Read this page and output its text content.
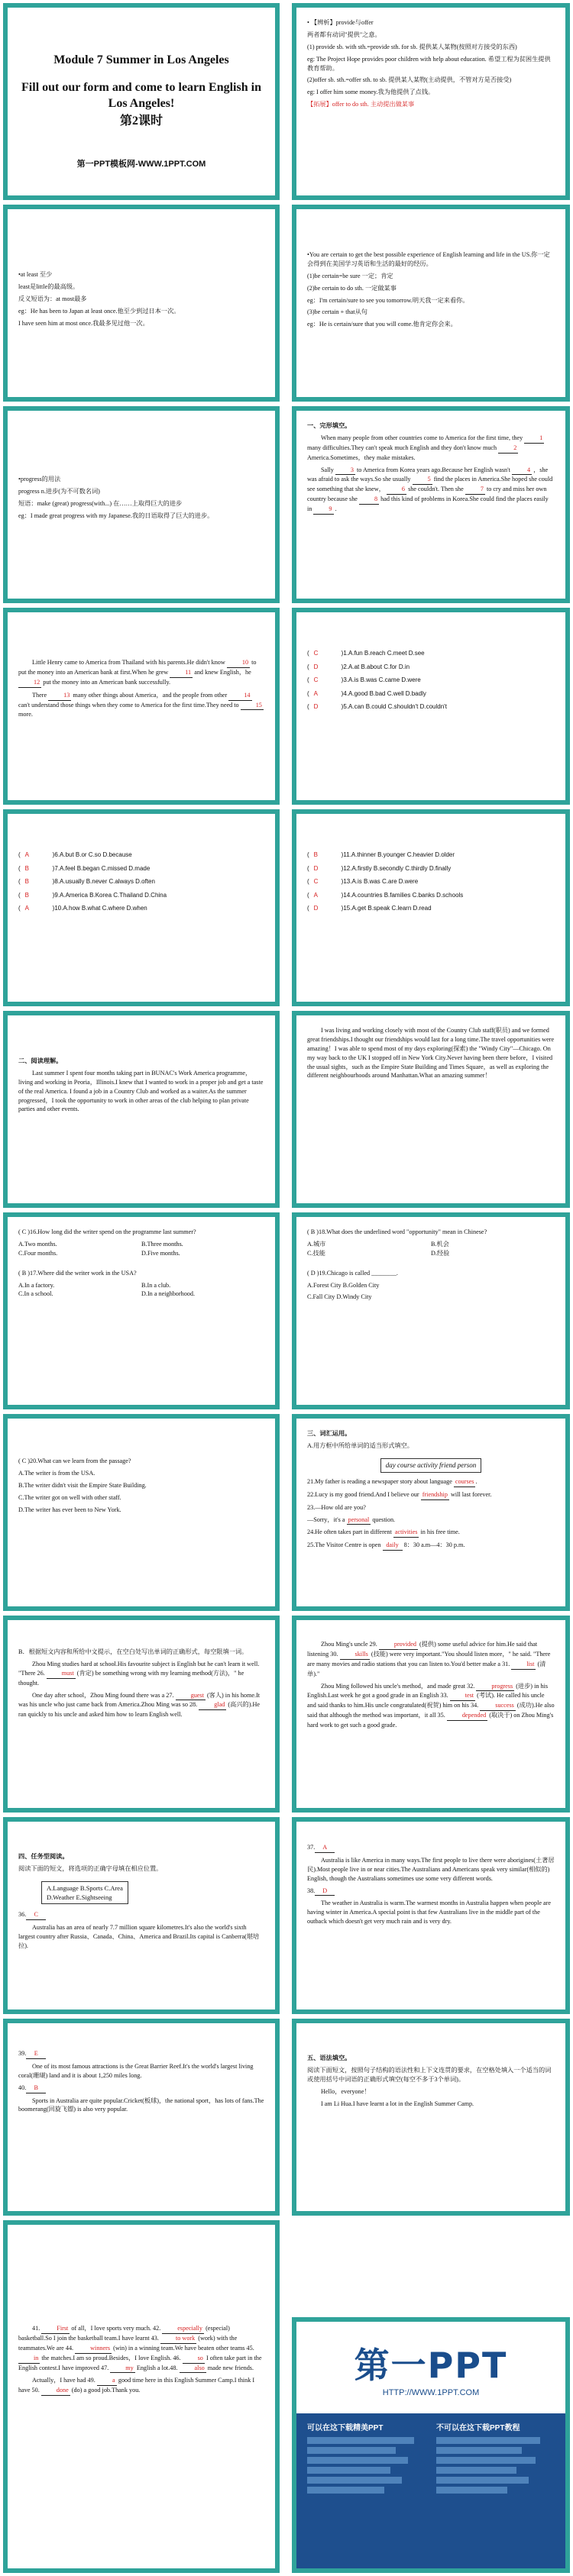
Module 7 Summer in Los Angeles
Fill out our form and come to learn English in Los Angeles!
第2课时
第一PPT模板网-WWW.1PPT.COM

• 【辨析】provide与offer

两者都有动词"提供"之意。

(1) provide sb. with sth.=provide sth. for sb. 提供某人某物(按照对方接受的东西)

eg: The Project Hope provides poor children with help about education. 希望工程为贫困生提供教育帮助。

(2)offer sb. sth.=offer sth. to sb. 提供某人某物(主动提供，不管对方是否接受)

eg: I offer him some money.我为他提供了点钱。

【拓展】offer to do sth. 主动提出做某事

•at least 至少

least是little的最高级。

反义短语为：at most最多

eg：He has been to Japan at least once.他至少到过日本一次。

I have seen him at most once.我最多见过他一次。

•You are certain to get the best possible experience of English learning and life in the US.你一定会得到在美国学习英语和生活的最好的经历。

(1)be certain=be sure 一定；肯定

(2)be certain to do sth. 一定做某事

eg：I'm certain/sure to see you tomorrow.明天我一定来看你。

(3)be certain + that从句

eg：He is certain/sure that you will come.他肯定你会来。

•progress的用法

progress n.进步(为不可数名词)

短语：make (great) progress(with...) 在……上取得巨大的进步

eg：I made great progress with my Japanese.我的日语取得了巨大的进步。

一、完形填空。

When many people from other countries come to America for the first time, they	1 many difficulties.They can't speak much English and they don't know much	2 America.Sometimes，they make mistakes.

Sally	3 to America from Korea years ago.Because her English wasn't	4 ，she was afraid to ask the ways.So she usually	5 find the places in America.She hoped she could see something that she knew，	6 she couldn't. Then she	7 to cry and miss her own country because she	8 had this kind of problems in Korea.She could find the places easily in	9 .

Little Henry came to America from Thailand with his parents.He didn't know	10 to put the money into an American bank at first.When he grew	11 and knew English，he 12 put the money into an American bank successfully.

There	13 many other things about America，and the people from other	14 can't understand those things when they come to America for the first time.They need to	15 more.

( C	)1.A.fun B.reach C.meet D.see
( D	)2.A.at B.about C.for D.in
( C	)3.A.is B.was C.came D.were
( A	)4.A.good B.bad C.well D.badly
( D	)5.A.can B.could C.shouldn't D.couldn't
( A	)6.A.but B.or C.so D.because
( B	)7.A.feel B.began C.missed D.made
( B	)8.A.usually B.never C.always D.often
( B	)9.A.America B.Korea C.Thailand D.China
( A	)10.A.how B.what C.where D.when
( B	)11.A.thinner B.younger C.heavier D.older
( D	)12.A.firstly B.secondly C.thirdly D.finally
( C	)13.A.is B.was C.are D.were
( A	)14.A.countries B.families C.banks D.schools
( D	)15.A.get B.speak C.learn D.read

二、阅读理解。

Last summer I spent four months taking part in BUNAC's Work America programme，living and working in Peoria，Illinois.I knew that I wanted to work in a proper job and get a taste of the real America. I found a job in a Country Club and worked as a waiter.As the summer progressed，I took the opportunity to work in other areas of the club helping to plan private parties and other events.

I was living and working closely with most of the Country Club staff(职员) and we formed great friendships.I thought our friendships would last for a long time.The travel opportunities were amazing！I was able to spend most of my days exploring(探索) the "Windy City"—Chicago. On my way back to the UK I stopped off in New York City.Never having been there before，I visited the usual sights，such as the Empire State Building and Times Square，as well as exploring the different neighbourhoods around Manhattan.What an amazing summer！

( C )16.How long did the writer spend on the programme last summer?

A.Two months.	B.Three months.
C.Four months.	D.Five months.

( B )17.Where did the writer work in the USA?

A.In a factory.	B.In a club.
C.In a school.	D.In a neighborhood.

( B )18.What does the underlined word "opportunity" mean in Chinese?

A.城市	B.机会
C.技能	D.经验

( D )19.Chicago is called ________.

A.Forest City B.Golden City

C.Fall City D.Windy City

( C )20.What can we learn from the passage?

A.The writer is from the USA.

B.The writer didn't visit the Empire State Building.

C.The writer got on well with other staff.

D.The writer has ever been to New York.

三、词汇运用。

A.用方框中所给单词的适当形式填空。

day course activity friend person

21.My father is reading a newspaper story about language courses .

22.Lucy is my good friend.And I believe our friendship will last forever.

23.—How old are you?

—Sorry，it's a personal question.

24.He often takes part in different activities in his free time.

25.The Visitor Centre is open daily 8：30 a.m—4：30 p.m.

B．根据短文内容和所给中文提示，在空白处写出单词的正确形式，每空限填一词。

Zhou Ming studies hard at school.His favourite subject is English but he can't learn it well. "There 26.	must (肯定) be something wrong with my learning method(方法)，" he thought.

One day after school，Zhou Ming found there was a 27.	guest (客人) in his home.It was his uncle who just came back from America.Zhou Ming was so 28.	glad (高兴的).He ran quickly to his uncle and asked him how to learn English well.

Zhou Ming's uncle 29.	provided (提供) some useful advice for him.He said that listening 30.	skills (技能) were very important."You should listen more，" he said. "There are many movies and radio stations that you can listen to.You'd better make a 31.	list (清单)."

Zhou Ming followed his uncle's method，and made great 32.	progress (进步) in his English.Last week he got a good grade in an English 33.	test (考试). He called his uncle and said thanks to him.His uncle congratulated(祝贺) him on his 34.	success (成功).He also said that although the method was important，it all 35.	depended (取决于) on Zhou Ming's hard work to get such a good grade.

四、任务型阅读。

阅读下面的短文，将选项的正确字母填在相应位置。

A.Language B.Sports C.Area
D.Weather E.Sightseeing

36. C

Australia has an area of nearly 7.7 million square kilometres.It's also the world's sixth largest country after Russia、Canada、China、America and Brazil.Its capital is Canberra(堪培拉).

37. A

Australia is like America in many ways.The first people to live there were aborigines(土著居民).Most people live in or near cities.The Australians and Americans speak very similar(相似的) English, though the Australians sometimes use some very different words.

38. D

The weather in Australia is warm.The warmest months in Australia happen when people are having winter in America.A special point is that few Australians live in the middle part of the outback which doesn't get very much rain and is very dry.

39. E

One of its most famous attractions is the Great Barrier Reef.It's the world's largest living coral(珊瑚) land and it is about 1,250 miles long.

40. B

Sports in Australia are quite popular.Cricket(板球)，the national sport，has lots of fans.The boomerang(回旋飞镖) is also very popular.

五、语法填空。

阅读下面短文，按照句子结构的语法性和上下文连贯的要求，在空格处填入一个适当的词或使用括号中词语的正确形式填空(每空不多于3个单词)。

Hello，everyone！

I am Li Hua.I have learnt a lot in the English Summer Camp.

41.	First of all，I love sports very much. 42.	especially (especial) basketball.So I join the basketball team.I have learnt 43.	to work (work) with the teammates.We are 44.	winners (win) in a winning team.We have beaten other teams 45. in the matches.I am so proud.Besides，I love English. 46.	so I often take part in the English contest.I have improved 47.	my English a lot.48.	also made new friends.

Actually，I have had 49.	a good time here in this English Summer Camp.I think I have 50.	done (do) a good job.Thank you.

第一PPT
HTTP://WWW.1PPT.COM
可以在这下载精美PPT	不可以在这下载PPT教程
